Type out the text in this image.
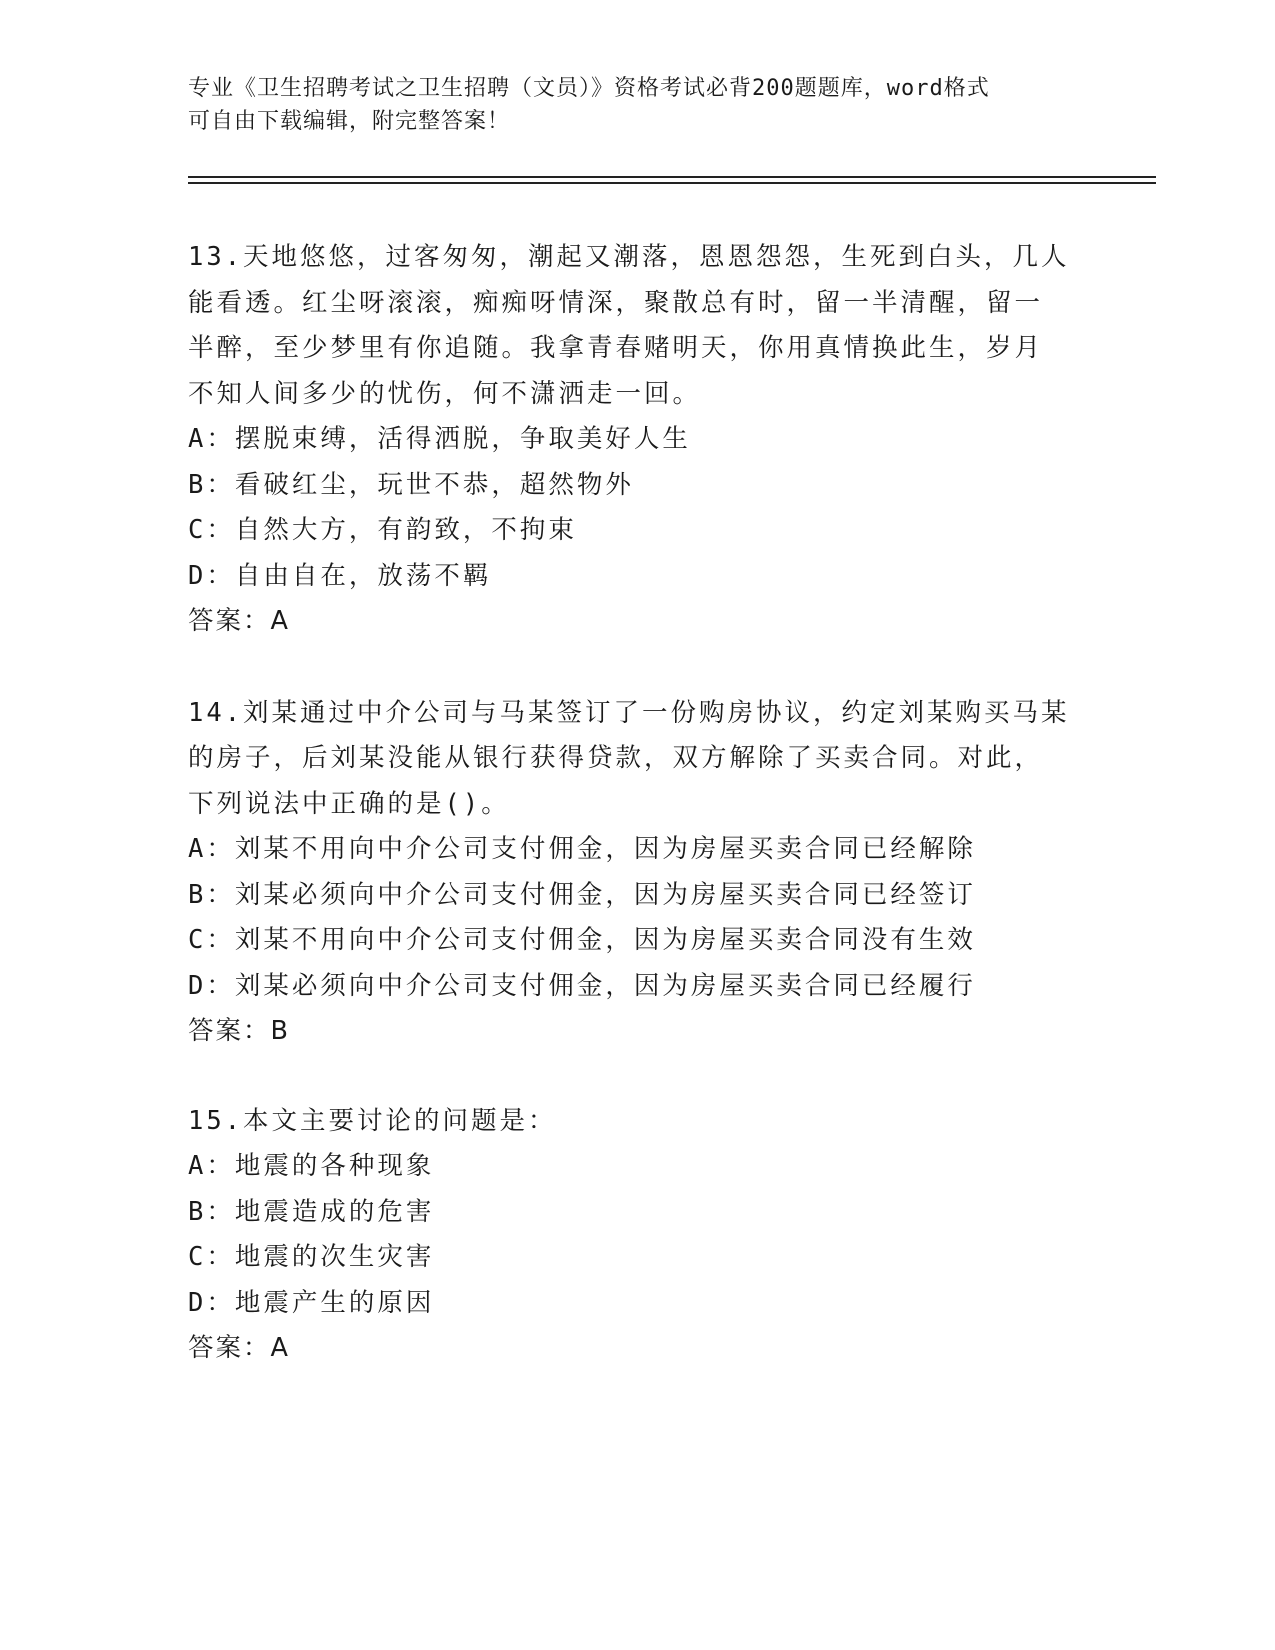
专业《卫生招聘考试之卫生招聘（文员）》资格考试必背200题题库，word格式
可自由下载编辑，附完整答案！
13.天地悠悠，过客匆匆，潮起又潮落，恩恩怨怨，生死到白头，几人
能看透。红尘呀滚滚，痴痴呀情深，聚散总有时，留一半清醒，留一
半醉，至少梦里有你追随。我拿青春赌明天，你用真情换此生，岁月
不知人间多少的忧伤，何不潇洒走一回。
A：摆脱束缚，活得洒脱，争取美好人生
B：看破红尘，玩世不恭，超然物外
C：自然大方，有韵致，不拘束
D：自由自在，放荡不羁
答案：A
14.刘某通过中介公司与马某签订了一份购房协议，约定刘某购买马某
的房子，后刘某没能从银行获得贷款，双方解除了买卖合同。对此，
下列说法中正确的是()。
A：刘某不用向中介公司支付佣金，因为房屋买卖合同已经解除
B：刘某必须向中介公司支付佣金，因为房屋买卖合同已经签订
C：刘某不用向中介公司支付佣金，因为房屋买卖合同没有生效
D：刘某必须向中介公司支付佣金，因为房屋买卖合同已经履行
答案：B
15.本文主要讨论的问题是：
A：地震的各种现象
B：地震造成的危害
C：地震的次生灾害
D：地震产生的原因
答案：A
